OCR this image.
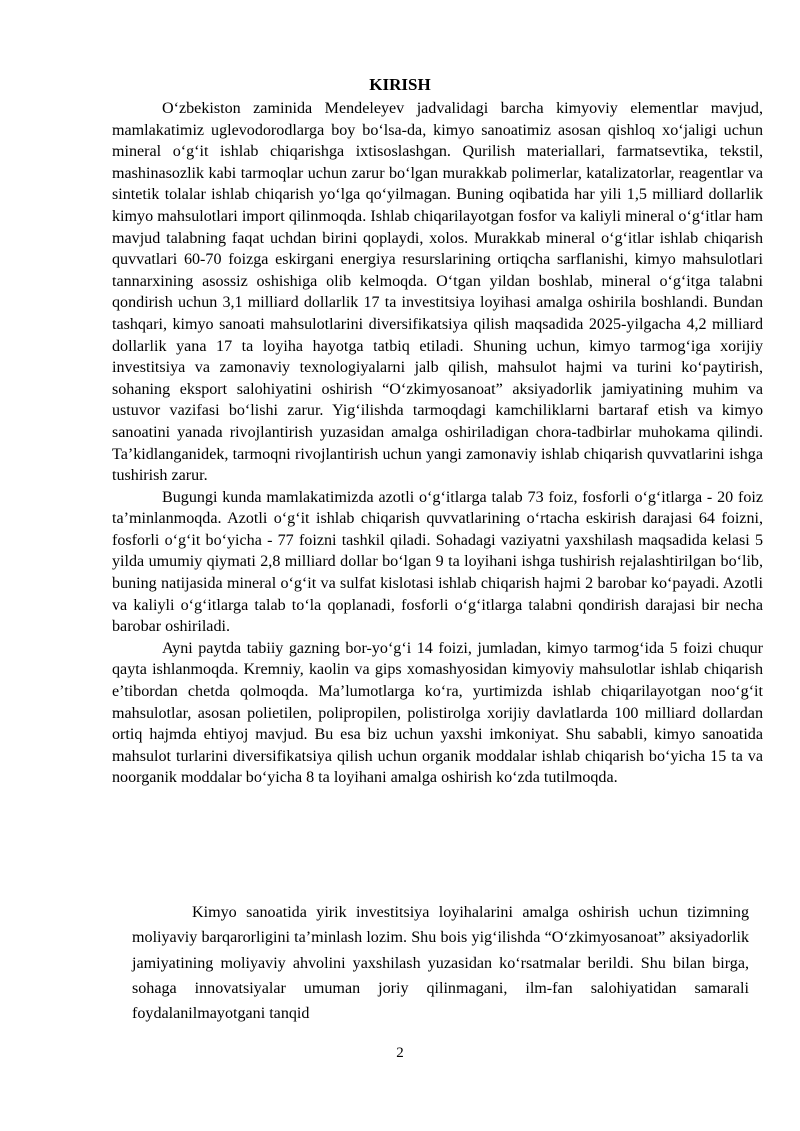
KIRISH

O‘zbekiston zaminida Mendeleyev jadvalidagi barcha kimyoviy elementlar mavjud, mamlakatimiz uglevodorodlarga boy bo‘lsa-da, kimyo sanoatimiz asosan qishloq xo‘jaligi uchun mineral o‘g‘it ishlab chiqarishga ixtisoslashgan. Qurilish materiallari, farmatsevtika, tekstil, mashinasozlik kabi tarmoqlar uchun zarur bo‘lgan murakkab polimerlar, katalizatorlar, reagentlar va sintetik tolalar ishlab chiqarish yo‘lga qo‘yilmagan. Buning oqibatida har yili 1,5 milliard dollarlik kimyo mahsulotlari import qilinmoqda. Ishlab chiqarilayotgan fosfor va kaliyli mineral o‘g‘itlar ham mavjud talabning faqat uchdan birini qoplaydi, xolos. Murakkab mineral o‘g‘itlar ishlab chiqarish quvvatlari 60-70 foizga eskirgani energiya resurslarining ortiqcha sarflanishi, kimyo mahsulotlari tannarxining asossiz oshishiga olib kelmoqda. O‘tgan yildan boshlab, mineral o‘g‘itga talabni qondirish uchun 3,1 milliard dollarlik 17 ta investitsiya loyihasi amalga oshirila boshlandi. Bundan tashqari, kimyo sanoati mahsulotlarini diversifikatsiya qilish maqsadida 2025-yilgacha 4,2 milliard dollarlik yana 17 ta loyiha hayotga tatbiq etiladi. Shuning uchun, kimyo tarmog‘iga xorijiy investitsiya va zamonaviy texnologiyalarni jalb qilish, mahsulot hajmi va turini ko‘paytirish, sohaning eksport salohiyatini oshirish “O‘zkimyosanoat” aksiyadorlik jamiyatining muhim va ustuvor vazifasi bo‘lishi zarur. Yig‘ilishda tarmoqdagi kamchiliklarni bartaraf etish va kimyo sanoatini yanada rivojlantirish yuzasidan amalga oshiriladigan chora-tadbirlar muhokama qilindi. Ta’kidlanganidek, tarmoqni rivojlantirish uchun yangi zamonaviy ishlab chiqarish quvvatlarini ishga tushirish zarur.

Bugungi kunda mamlakatimizda azotli o‘g‘itlarga talab 73 foiz, fosforli o‘g‘itlarga - 20 foiz ta’minlanmoqda. Azotli o‘g‘it ishlab chiqarish quvvatlarining o‘rtacha eskirish darajasi 64 foizni, fosforli o‘g‘it bo‘yicha - 77 foizni tashkil qiladi. Sohadagi vaziyatni yaxshilash maqsadida kelasi 5 yilda umumiy qiymati 2,8 milliard dollar bo‘lgan 9 ta loyihani ishga tushirish rejalashtirilgan bo‘lib, buning natijasida mineral o‘g‘it va sulfat kislotasi ishlab chiqarish hajmi 2 barobar ko‘payadi. Azotli va kaliyli o‘g‘itlarga talab to‘la qoplanadi, fosforli o‘g‘itlarga talabni qondirish darajasi bir necha barobar oshiriladi.

Ayni paytda tabiiy gazning bor-yo‘g‘i 14 foizi, jumladan, kimyo tarmog‘ida 5 foizi chuqur qayta ishlanmoqda. Kremniy, kaolin va gips xomashyosidan kimyoviy mahsulotlar ishlab chiqarish e’tibordan chetda qolmoqda. Ma’lumotlarga ko‘ra, yurtimizda ishlab chiqarilayotgan noo‘g‘it mahsulotlar, asosan polietilen, polipropilen, polistirolga xorijiy davlatlarda 100 milliard dollardan ortiq hajmda ehtiyoj mavjud. Bu esa biz uchun yaxshi imkoniyat. Shu sababli, kimyo sanoatida mahsulot turlarini diversifikatsiya qilish uchun organik moddalar ishlab chiqarish bo‘yicha 15 ta va noorganik moddalar bo‘yicha 8 ta loyihani amalga oshirish ko‘zda tutilmoqda.

Kimyo sanoatida yirik investitsiya loyihalarini amalga oshirish uchun tizimning moliyaviy barqarorligini ta’minlash lozim. Shu bois yig‘ilishda “O‘zkimyosanoat” aksiyadorlik jamiyatining moliyaviy ahvolini yaxshilash yuzasidan ko‘rsatmalar berildi. Shu bilan birga, sohaga innovatsiyalar umuman joriy qilinmagani, ilm-fan salohiyatidan samarali foydalanilmayotgani tanqid

2
